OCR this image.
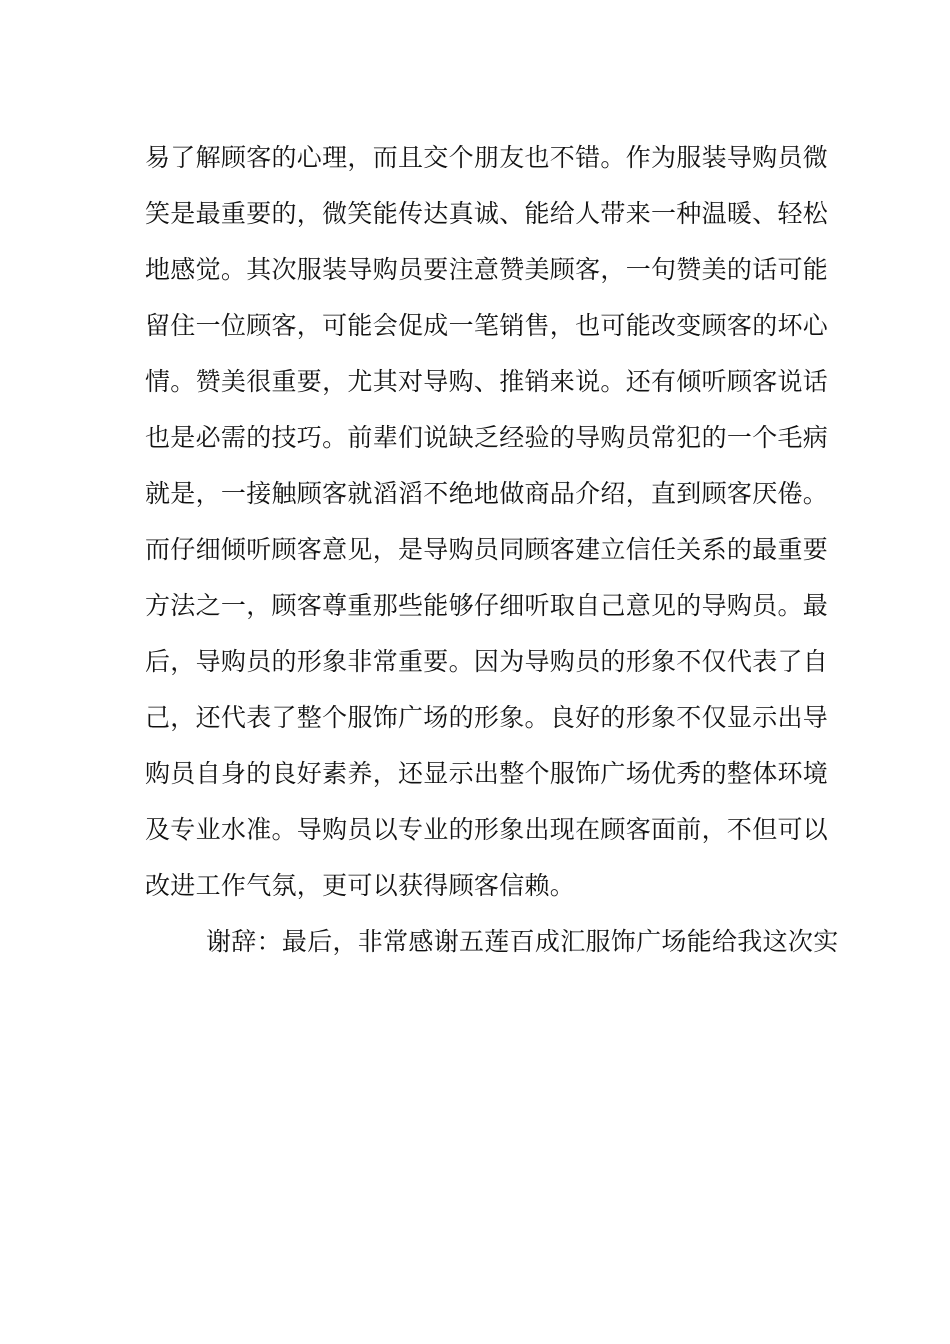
易了解顾客的心理，而且交个朋友也不错。作为服装导购员微
笑是最重要的，微笑能传达真诚、能给人带来一种温暖、轻松
地感觉。其次服装导购员要注意赞美顾客，一句赞美的话可能
留住一位顾客，可能会促成一笔销售，也可能改变顾客的坏心
情。赞美很重要，尤其对导购、推销来说。还有倾听顾客说话
也是必需的技巧。前辈们说缺乏经验的导购员常犯的一个毛病
就是，一接触顾客就滔滔不绝地做商品介绍，直到顾客厌倦。
而仔细倾听顾客意见，是导购员同顾客建立信任关系的最重要
方法之一，顾客尊重那些能够仔细听取自己意见的导购员。最
后，导购员的形象非常重要。因为导购员的形象不仅代表了自
己，还代表了整个服饰广场的形象。良好的形象不仅显示出导
购员自身的良好素养，还显示出整个服饰广场优秀的整体环境
及专业水准。导购员以专业的形象出现在顾客面前，不但可以
改进工作气氛，更可以获得顾客信赖。
谢辞：最后，非常感谢五莲百成汇服饰广场能给我这次实
